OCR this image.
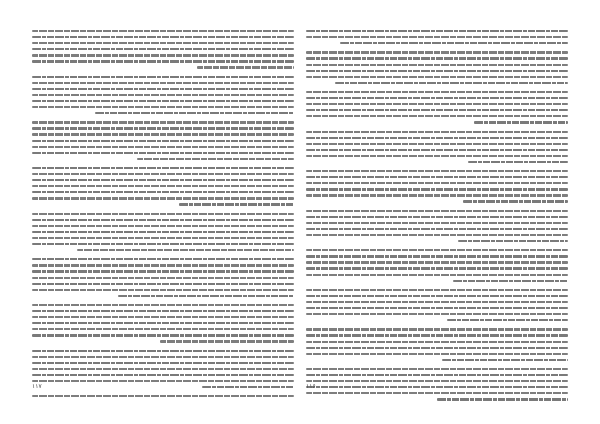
۱۱۷	۱۱۶
